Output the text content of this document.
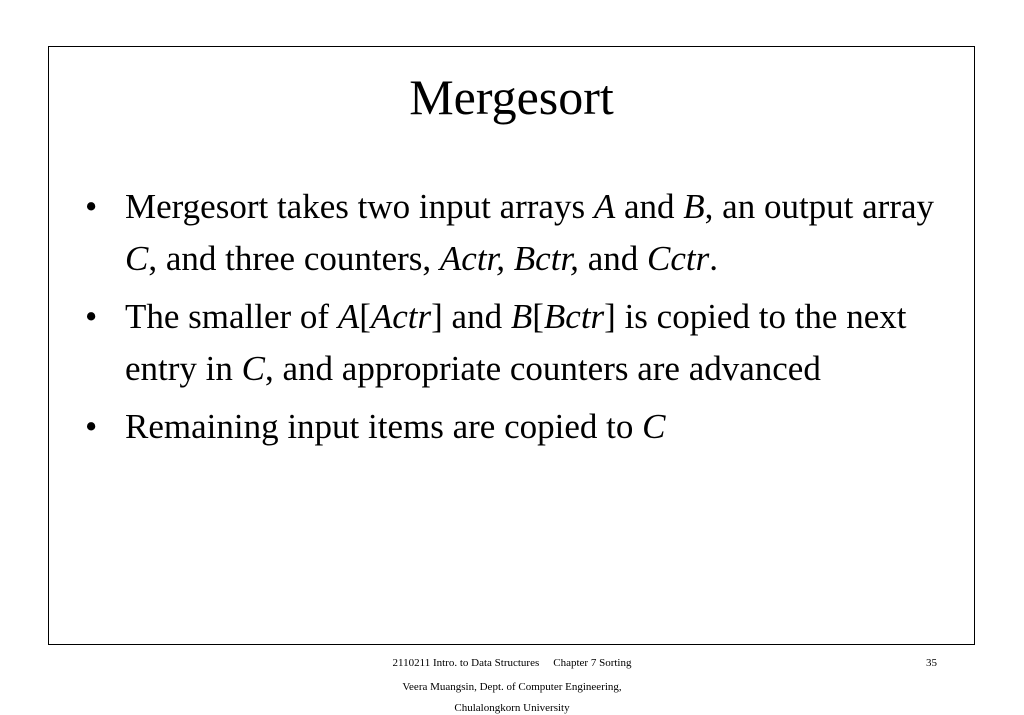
Mergesort
• Mergesort takes two input arrays A and B, an output array C, and three counters, Actr, Bctr, and Cctr.
• The smaller of A[Actr] and B[Bctr] is copied to the next entry in C, and appropriate counters are advanced
• Remaining input items are copied to C
2110211 Intro. to Data Structures Chapter 7 Sorting	35
Veera Muangsin, Dept. of Computer Engineering,
Chulalongkorn University
